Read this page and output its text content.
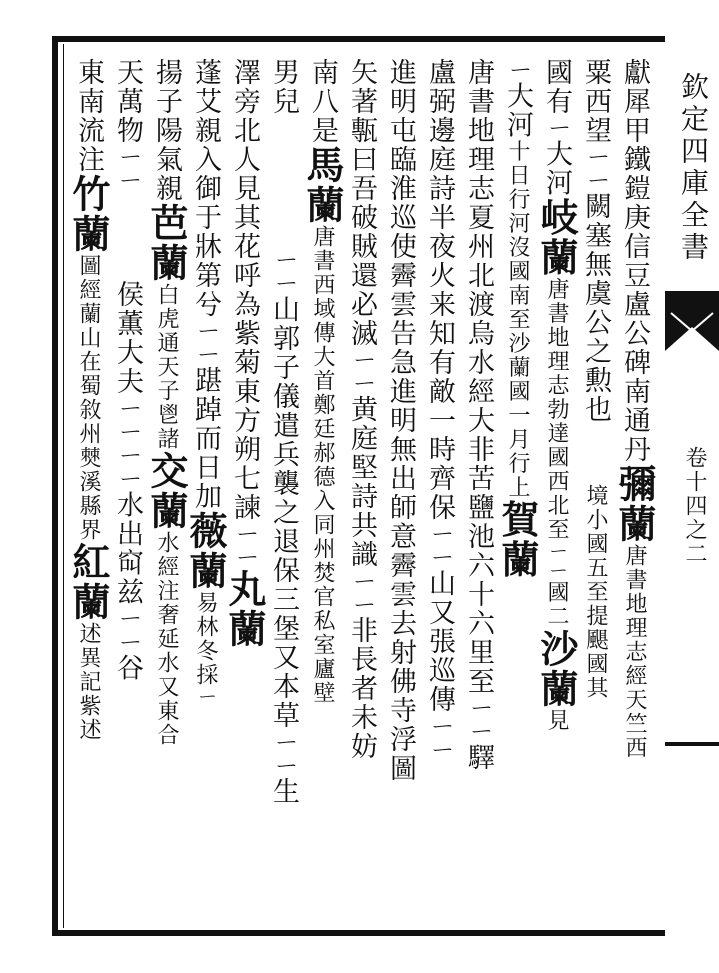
欽定四庫全書
卷十四之二
獻犀甲鐵鎧庚信豆盧公碑南通丹彌蘭唐書地理志經天竺西
粟西望ㄧㄧ闕塞無虞公之勲也境小國五至提颶國其
國有ㄧ大河岐蘭唐書地理志勃達國西北至ㄧㄧ國二沙蘭見
ㄧ大河十日行河沒國南至沙蘭國一月行上賀蘭
唐書地理志夏州北渡烏水經大非苦鹽池六十六里至ㄧㄧ驛
盧弼邊庭詩半夜火来知有敵一時齊保ㄧㄧ山又張巡傳ㄧㄧ
進明屯臨淮巡使霽雲告急進明無出師意霽雲去射佛寺浮圖
矢著甎曰吾破賊還必滅ㄧㄧ黄庭堅詩共識ㄧㄧ非長者未妨
南八是馬蘭唐書西域傳大首鄭廷郝德入同州焚官私室廬壁
男兒ㄧㄧ山郭子儀遣兵襲之退保三堡又本草ㄧㄧ生
澤旁北人見其花呼為紫菊東方朔七諫ㄧㄧ丸蘭
蓬艾親入御于牀第兮ㄧㄧ踸踔而日加薇蘭易林冬採ㄧ
揚子陽氣親芭蘭白虎通天子鬯諸交蘭水經注奢延水又東合
天萬物ㄧㄧ侯薫大夫ㄧㄧㄧㄧ水出䆗兹ㄧㄧ谷
東南流注竹蘭圖經蘭山在蜀敘州僰溪縣界紅蘭述異記紫述
